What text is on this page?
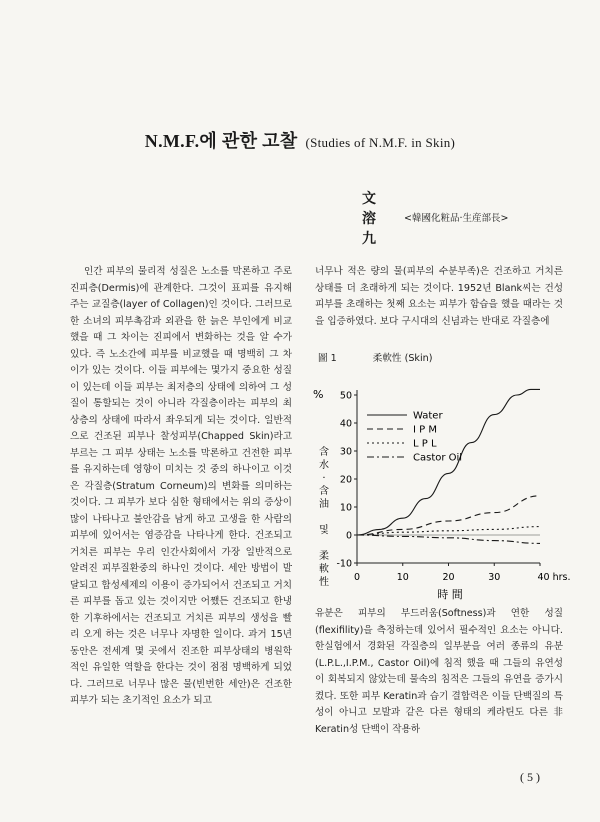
N.M.F.에 관한 고찰 (Studies of N.M.F. in Skin)
文 溶 九
<韓國化粧品·生産部長>

인간 피부의 물리적 성질은 노소를 막론하고 주로 진피층(Dermis)에 관계한다. 그것이 표피를 유지해 주는 교질층(layer of Collagen)인 것이다. 그러므로 한 소녀의 피부촉감과 외관을 한 늙은 부인에게 비교했을 때 그 차이는 진피에서 변화하는 것을 알 수가 있다. 즉 노소간에 피부를 비교했을 때 명백히 그 차이가 있는 것이다. 이들 피부에는 몇가지 중요한 성질이 있는데 이들 피부는 최저층의 상태에 의하여 그 성질이 통할되는 것이 아니라 각질층이라는 피부의 최상층의 상태에 따라서 좌우되게 되는 것이다. 일반적으로 건조된 피부나 찰성피부(Chapped Skin)라고 부르는 그 피부 상태는 노소를 막론하고 건전한 피부를 유지하는데 영향이 미치는 것 중의 하나이고 이것은 각질층(Stratum Corneum)의 변화를 의미하는 것이다. 그 피부가 보다 심한 형태에서는 위의 증상이 많이 나타나고 불안감을 남게 하고 고생을 한 사람의 피부에 있어서는 염증감을 나타나게 한다. 건조되고 거치른 피부는 우리 인간사회에서 가장 일반적으로 알려진 피부질환중의 하나인 것이다. 세안 방법이 발달되고 합성세제의 이용이 증가되어서 건조되고 거치른 피부를 돕고 있는 것이지만 어쨌든 건조되고 한냉한 기후하에서는 건조되고 거치른 피부의 생성을 빨리 오게 하는 것은 너무나 자명한 일이다. 과거 15년 동안은 전세계 몇 곳에서 진조한 피부상태의 병원학적인 유일한 역할을 한다는 것이 점점 명백하게 되었다. 그러므로 너무나 많은 물(빈번한 세안)은 건조한 피부가 되는 초기적인 요소가 되고

너무나 적은 량의 물(피부의 수분부족)은 건조하고 거치른 상태를 더 초래하게 되는 것이다. 1952년 Blank씨는 건성피부를 초래하는 첫째 요소는 피부가 함습을 했을 때라는 것을 입증하였다. 보다 구시대의 신념과는 반대로 각질층에

圖 1	柔軟性 (Skin)
%
含
水
·
含
油
및
柔
軟
性
50
40
30
20
10
0
-10
0	10	20	30	40 hrs.
Water
I P M
L P L
Castor Oil
時 間

유분은 피부의 부드러움(Softness)과 연한 성질(flexifility)을 측정하는데 있어서 필수적인 요소는 아니다. 한실험에서 경화된 각질층의 일부분을 여러 종류의 유분(L.P.L.,I.P.M., Castor Oil)에 침적 했을 때 그들의 유연성이 회복되지 않았는데 물속의 침적은 그들의 유연을 증가시켰다. 또한 피부 Keratin과 습기 결합력은 이들 단백질의 특성이 아니고 모발과 같은 다른 형태의 케라틴도 다른 非 Keratin성 단백이 작용하

( 5 )
